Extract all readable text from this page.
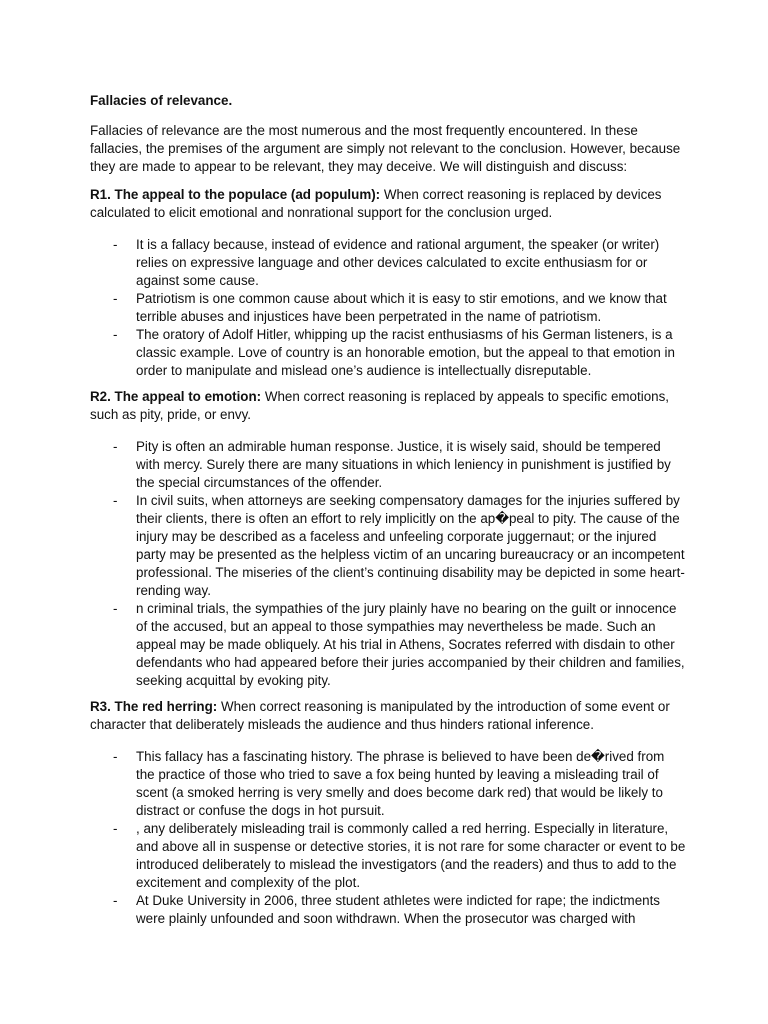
Fallacies of relevance.

Fallacies of relevance are the most numerous and the most frequently encountered. In these fallacies, the premises of the argument are simply not relevant to the conclusion. However, because they are made to appear to be relevant, they may deceive. We will distinguish and discuss:

R1. The appeal to the populace (ad populum): When correct reasoning is replaced by devices calculated to elicit emotional and nonrational support for the conclusion urged.

- It is a fallacy because, instead of evidence and rational argument, the speaker (or writer) relies on expressive language and other devices calculated to excite enthusiasm for or against some cause.
- Patriotism is one common cause about which it is easy to stir emotions, and we know that terrible abuses and injustices have been perpetrated in the name of patriotism.
- The oratory of Adolf Hitler, whipping up the racist enthusiasms of his German listeners, is a classic example. Love of country is an honorable emotion, but the appeal to that emotion in order to manipulate and mislead one’s audience is intellectually disreputable.

R2. The appeal to emotion: When correct reasoning is replaced by appeals to specific emotions, such as pity, pride, or envy.

- Pity is often an admirable human response. Justice, it is wisely said, should be tempered with mercy. Surely there are many situations in which leniency in punishment is justified by the special circumstances of the offender.
- In civil suits, when attorneys are seeking compensatory damages for the injuries suffered by their clients, there is often an effort to rely implicitly on the ap�peal to pity. The cause of the injury may be described as a faceless and unfeeling corporate juggernaut; or the injured party may be presented as the helpless victim of an uncaring bureaucracy or an incompetent professional. The miseries of the client’s continuing disability may be depicted in some heart-rending way.
- n criminal trials, the sympathies of the jury plainly have no bearing on the guilt or innocence of the accused, but an appeal to those sympathies may nevertheless be made. Such an appeal may be made obliquely. At his trial in Athens, Socrates referred with disdain to other defendants who had appeared before their juries accompanied by their children and families, seeking acquittal by evoking pity.

R3. The red herring: When correct reasoning is manipulated by the introduction of some event or character that deliberately misleads the audience and thus hinders rational inference.

- This fallacy has a fascinating history. The phrase is believed to have been de�rived from the practice of those who tried to save a fox being hunted by leaving a misleading trail of scent (a smoked herring is very smelly and does become dark red) that would be likely to distract or confuse the dogs in hot pursuit.
- , any deliberately misleading trail is commonly called a red herring. Especially in literature, and above all in suspense or detective stories, it is not rare for some character or event to be introduced deliberately to mislead the investigators (and the readers) and thus to add to the excitement and complexity of the plot.
- At Duke University in 2006, three student athletes were indicted for rape; the indictments were plainly unfounded and soon withdrawn. When the prosecutor was charged with
